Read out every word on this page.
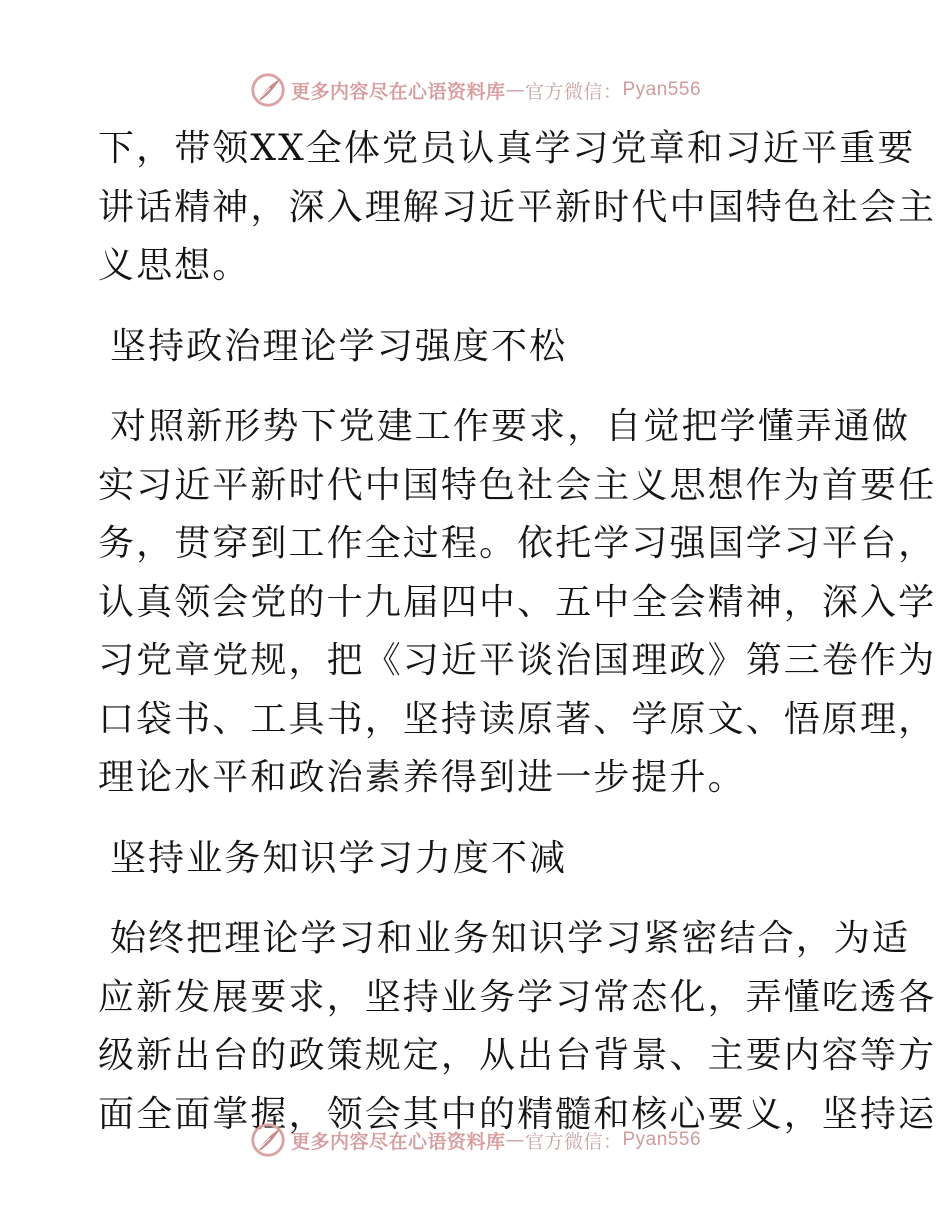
更多内容尽在心语资料库 — 官方微信： Pyan556
下，带领XX全体党员认真学习党章和习近平重要
讲话精神，深入理解习近平新时代中国特色社会主
义思想。
坚持政治理论学习强度不松
对照新形势下党建工作要求，自觉把学懂弄通做
实习近平新时代中国特色社会主义思想作为首要任
务，贯穿到工作全过程。依托学习强国学习平台，
认真领会党的十九届四中、五中全会精神，深入学
习党章党规，把《习近平谈治国理政》第三卷作为
口袋书、工具书，坚持读原著、学原文、悟原理，
理论水平和政治素养得到进一步提升。
坚持业务知识学习力度不减
始终把理论学习和业务知识学习紧密结合，为适
应新发展要求，坚持业务学习常态化，弄懂吃透各
级新出台的政策规定，从出台背景、主要内容等方
面全面掌握，领会其中的精髓和核心要义，坚持运
更多内容尽在心语资料库 — 官方微信： Pyan556
